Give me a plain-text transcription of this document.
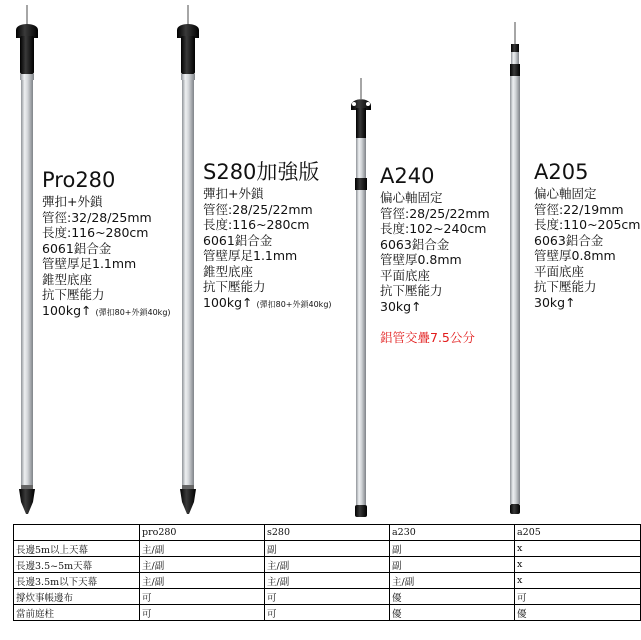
Pro280
彈扣+外鎖
管徑:32/28/25mm
長度:116~280cm
6061鋁合金
管壁厚足1.1mm
錐型底座
抗下壓能力
100kg↑ (彈扣80+外鎖40kg)
S280加強版
彈扣+外鎖
管徑:28/25/22mm
長度:116~280cm
6061鋁合金
管壁厚足1.1mm
錐型底座
抗下壓能力
100kg↑ (彈扣80+外鎖40kg)
A240
偏心軸固定
管徑:28/25/22mm
長度:102~240cm
6063鋁合金
管壁厚0.8mm
平面底座
抗下壓能力
30kg↑
鋁管交疊7.5公分
A205
偏心軸固定
管徑:22/19mm
長度:110~205cm
6063鋁合金
管壁厚0.8mm
平面底座
抗下壓能力
30kg↑
	pro280	s280	a230	a205
長邊5m以上天幕	主/副	副	副	x
長邊3.5~5m天幕	主/副	主/副	副	x
長邊3.5m以下天幕	主/副	主/副	主/副	x
撐炊事帳邊布	可	可	優	可
當前庭柱	可	可	優	優
